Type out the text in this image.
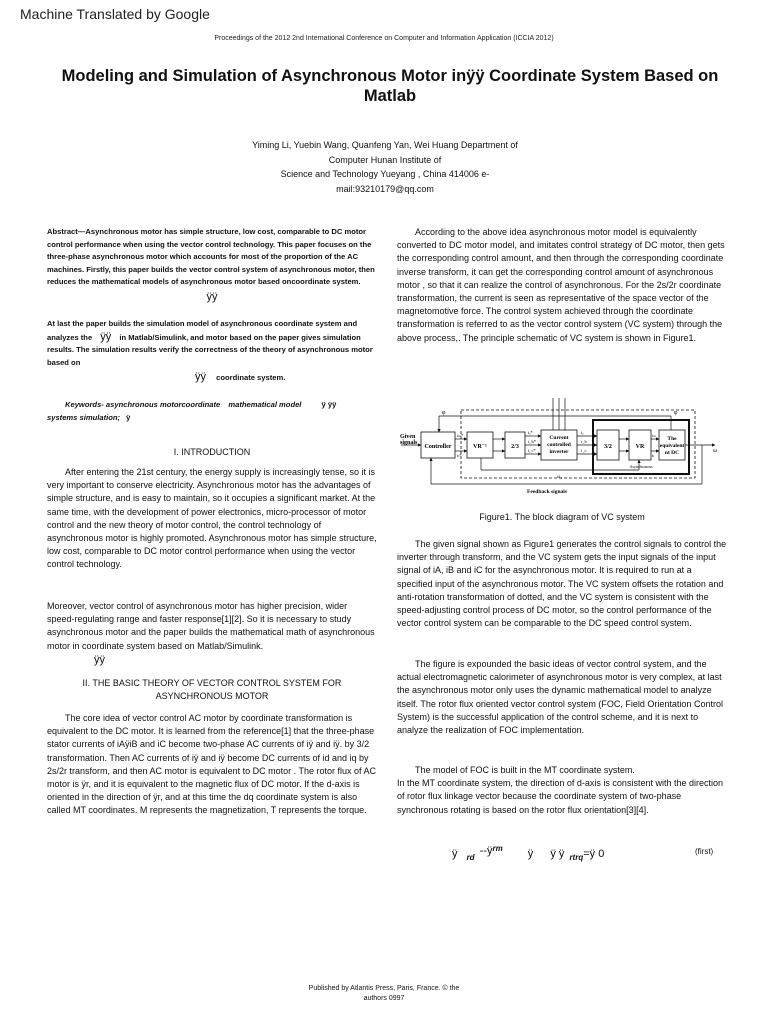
Machine Translated by Google
Proceedings of the 2012 2nd International Conference on Computer and Information Application (ICCIA 2012)
Modeling and Simulation of Asynchronous Motor inÿÿ Coordinate System Based on
Matlab
Yiming Li, Yuebin Wang, Quanfeng Yan, Wei Huang Department of
Computer Hunan Institute of
Science and Technology Yueyang , China 414006 e-
mail:93210179@qq.com
Abstract—Asynchronous motor has simple structure, low cost, comparable to DC motor control performance when using the vector control technology. This paper focuses on the three-phase asynchronous motor which accounts for most of the proportion of the AC machines. Firstly, this paper builds the vector control system of asynchronous motor, then reduces the mathematical models of asynchronous motor based oncoordinate system.
ÿÿ
At last the paper builds the simulation model of asynchronous coordinate system and analyzes the ÿÿ in Matlab/Simulink, and motor based on the paper gives simulation results. The simulation results verify the correctness of the theory of asynchronous motor based on
ÿÿ coordinate system.
Keywords- asynchronous motorcoordinate mathematical model	ÿ ÿÿ
systems simulation; ÿ
I. INTRODUCTION
After entering the 21st century, the energy supply is increasingly tense, so it is very important to conserve electricity. Asynchronous motor has the advantages of simple structure, and is easy to maintain, so it occupies a significant market. At the same time, with the development of power electronics, micro-processor of motor control and the new theory of motor control, the control technology of asynchronous motor is highly promoted. Asynchronous motor has simple structure, low cost, comparable to DC motor control performance when using the vector control technology.
Moreover, vector control of asynchronous motor has higher precision, wider speed-regulating range and faster response[1][2]. So it is necessary to study asynchronous motor and the paper builds the mathematical math of asynchronous motor in coordinate system based on Matlab/Simulink.
ÿÿ
II. THE BASIC THEORY OF VECTOR CONTROL SYSTEM FOR
ASYNCHRONOUS MOTOR
The core idea of vector control AC motor by coordinate transformation is equivalent to the DC motor. It is learned from the reference[1] that the three-phase stator currents of iAÿiB and iC become two-phase AC currents of iÿ and iÿ. by 3/2 transformation. Then AC currents of iÿ and iÿ become DC currents of id and iq by 2s/2r transform, and then AC motor is equivalent to DC motor . The rotor flux of AC motor is ÿr, and it is equivalent to the magnetic flux of DC motor. If the d-axis is oriented in the direction of ÿr, and at this time the dq coordinate system is also called MT coordinates. M represents the magnetization, T represents the torque.
According to the above idea asynchronous motor model is equivalently converted to DC motor model, and imitates control strategy of DC motor, then gets the corresponding control amount, and then through the corresponding coordinate inverse transform, it can get the corresponding control amount of asynchronous motor , so that it can realize the control of asynchronous. For the 2s/2r coordinate transformation, the current is seen as representative of the space vector of the magnetomotive force. The control system achieved through the coordinate transformation is referred to as the vector control system (VC system) through the above process,. The principle schematic of VC system is shown in Figure1.
Given
signals
Controller	VR⁻¹	2/3
Current
controlled
inverter
3/2	VR
The
equivalent
nt DC
Asynchronous
Feedback signals
φ	φ
ω
ω₁
iₘ*
iₜ*
iₐ*
i_b*
i_c*
iₐ
i_b
i_c
iₘ
iₜ
Figure1. The block diagram of VC system
The given signal shown as Figure1 generates the control signals to control the inverter through transform, and the VC system gets the input signals of the input signal of iA, iB and iC for the asynchronous motor. It is required to run at a specified input of the asynchronous motor. The VC system offsets the rotation and anti-rotation transformation of dotted, and the VC system is consistent with the speed-adjusting control process of DC motor, so the control performance of the vector control system can be comparable to the DC speed control system.
The figure is expounded the basic ideas of vector control system, and the actual electromagnetic calorimeter of asynchronous motor is very complex, at last the asynchronous motor only uses the dynamic mathematical model to analyze itself. The rotor flux oriented vector control system (FOC, Field Orientation Control System) is the successful application of the control scheme, and it is next to analyze the realization of FOC implementation.
The model of FOC is built in the MT coordinate system.
In the MT coordinate system, the direction of d-axis is consistent with the direction of rotor flux linkage vector because the coordinate system of two-phase synchronous rotating is based on the rotor flux orientation[3][4].
ÿ $_{rd}$ $--ÿ^{rm}$ ÿ ÿ ÿ $_{rtrq}$=ÿ 0	(first)
Published by Atlantis Press, Paris, France. © the
authors 0997
